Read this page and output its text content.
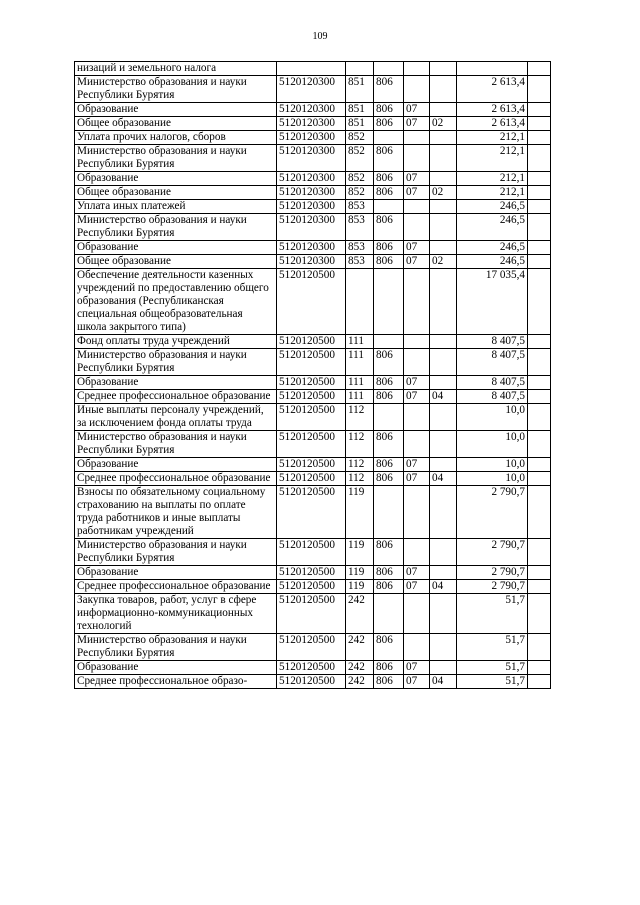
109
низаций и земельного налога							
Министерство образования и науки Республики Бурятия	5120120300	851	806			2 613,4	
Образование	5120120300	851	806	07		2 613,4	
Общее образование	5120120300	851	806	07	02	2 613,4	
Уплата прочих налогов, сборов	5120120300	852				212,1	
Министерство образования и науки Республики Бурятия	5120120300	852	806			212,1	
Образование	5120120300	852	806	07		212,1	
Общее образование	5120120300	852	806	07	02	212,1	
Уплата иных платежей	5120120300	853				246,5	
Министерство образования и науки Республики Бурятия	5120120300	853	806			246,5	
Образование	5120120300	853	806	07		246,5	
Общее образование	5120120300	853	806	07	02	246,5	
Обеспечение деятельности казенных учреждений по предоставлению общего образования (Республиканская специальная общеобразовательная школа закрытого типа)	5120120500					17 035,4	
Фонд оплаты труда учреждений	5120120500	111				8 407,5	
Министерство образования и науки Республики Бурятия	5120120500	111	806			8 407,5	
Образование	5120120500	111	806	07		8 407,5	
Среднее профессиональное образование	5120120500	111	806	07	04	8 407,5	
Иные выплаты персоналу учреждений, за исключением фонда оплаты труда	5120120500	112				10,0	
Министерство образования и науки Республики Бурятия	5120120500	112	806			10,0	
Образование	5120120500	112	806	07		10,0	
Среднее профессиональное образование	5120120500	112	806	07	04	10,0	
Взносы по обязательному социальному страхованию на выплаты по оплате труда работников и иные выплаты работникам учреждений	5120120500	119				2 790,7	
Министерство образования и науки Республики Бурятия	5120120500	119	806			2 790,7	
Образование	5120120500	119	806	07		2 790,7	
Среднее профессиональное образование	5120120500	119	806	07	04	2 790,7	
Закупка товаров, работ, услуг в сфере информационно-коммуникационных технологий	5120120500	242				51,7	
Министерство образования и науки Республики Бурятия	5120120500	242	806			51,7	
Образование	5120120500	242	806	07		51,7	
Среднее профессиональное образо-	5120120500	242	806	07	04	51,7	
